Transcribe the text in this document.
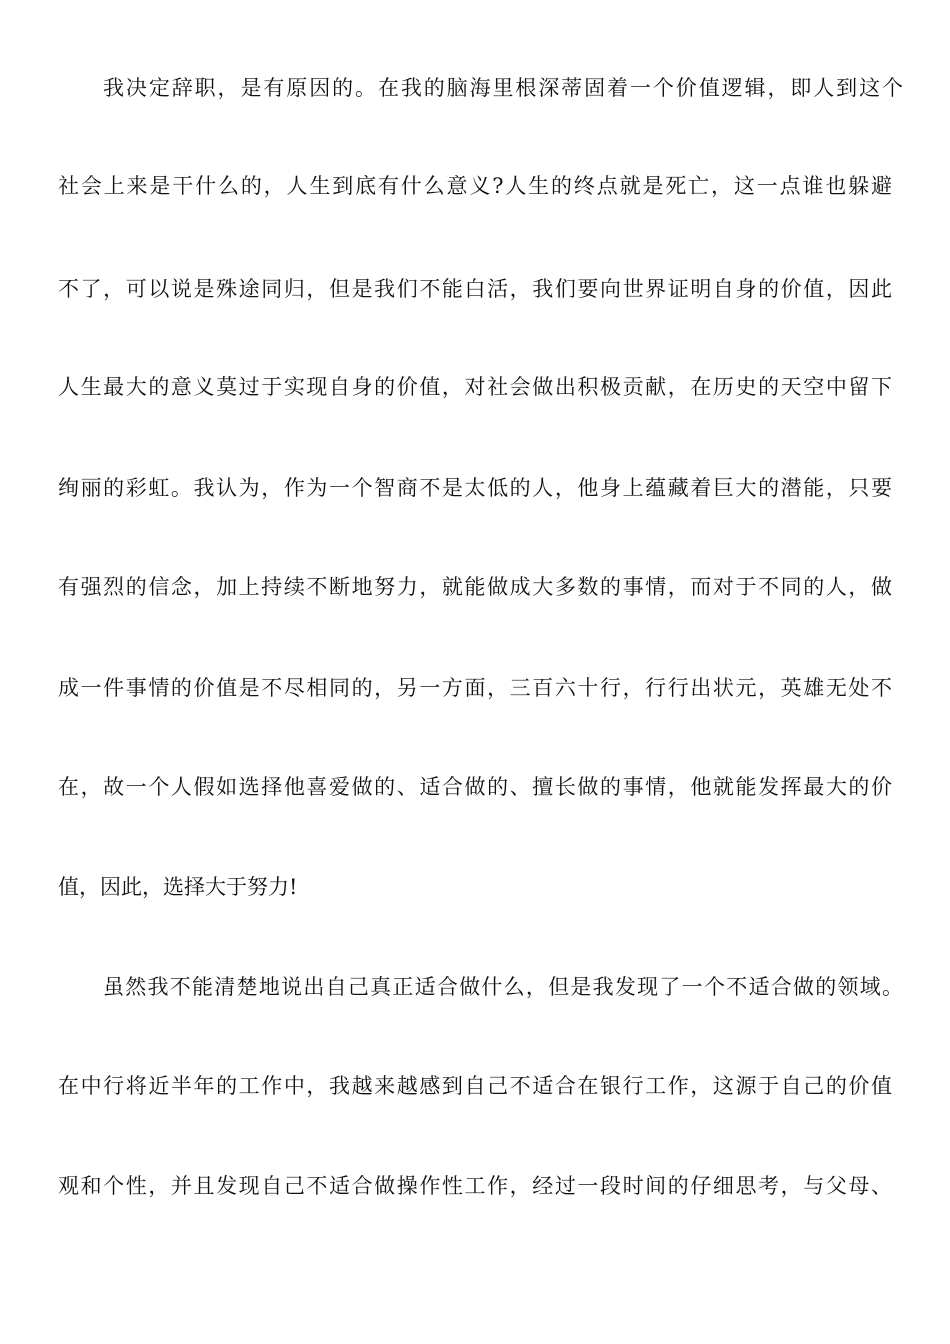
我决定辞职，是有原因的。在我的脑海里根深蒂固着一个价值逻辑，即人到这个
社会上来是干什么的，人生到底有什么意义?人生的终点就是死亡，这一点谁也躲避
不了，可以说是殊途同归，但是我们不能白活，我们要向世界证明自身的价值，因此
人生最大的意义莫过于实现自身的价值，对社会做出积极贡献，在历史的天空中留下
绚丽的彩虹。我认为，作为一个智商不是太低的人，他身上蕴藏着巨大的潜能，只要
有强烈的信念，加上持续不断地努力，就能做成大多数的事情，而对于不同的人，做
成一件事情的价值是不尽相同的，另一方面，三百六十行，行行出状元，英雄无处不
在，故一个人假如选择他喜爱做的、适合做的、擅长做的事情，他就能发挥最大的价
值，因此，选择大于努力!
虽然我不能清楚地说出自己真正适合做什么，但是我发现了一个不适合做的领域。
在中行将近半年的工作中，我越来越感到自己不适合在银行工作，这源于自己的价值
观和个性，并且发现自己不适合做操作性工作，经过一段时间的仔细思考，与父母、
